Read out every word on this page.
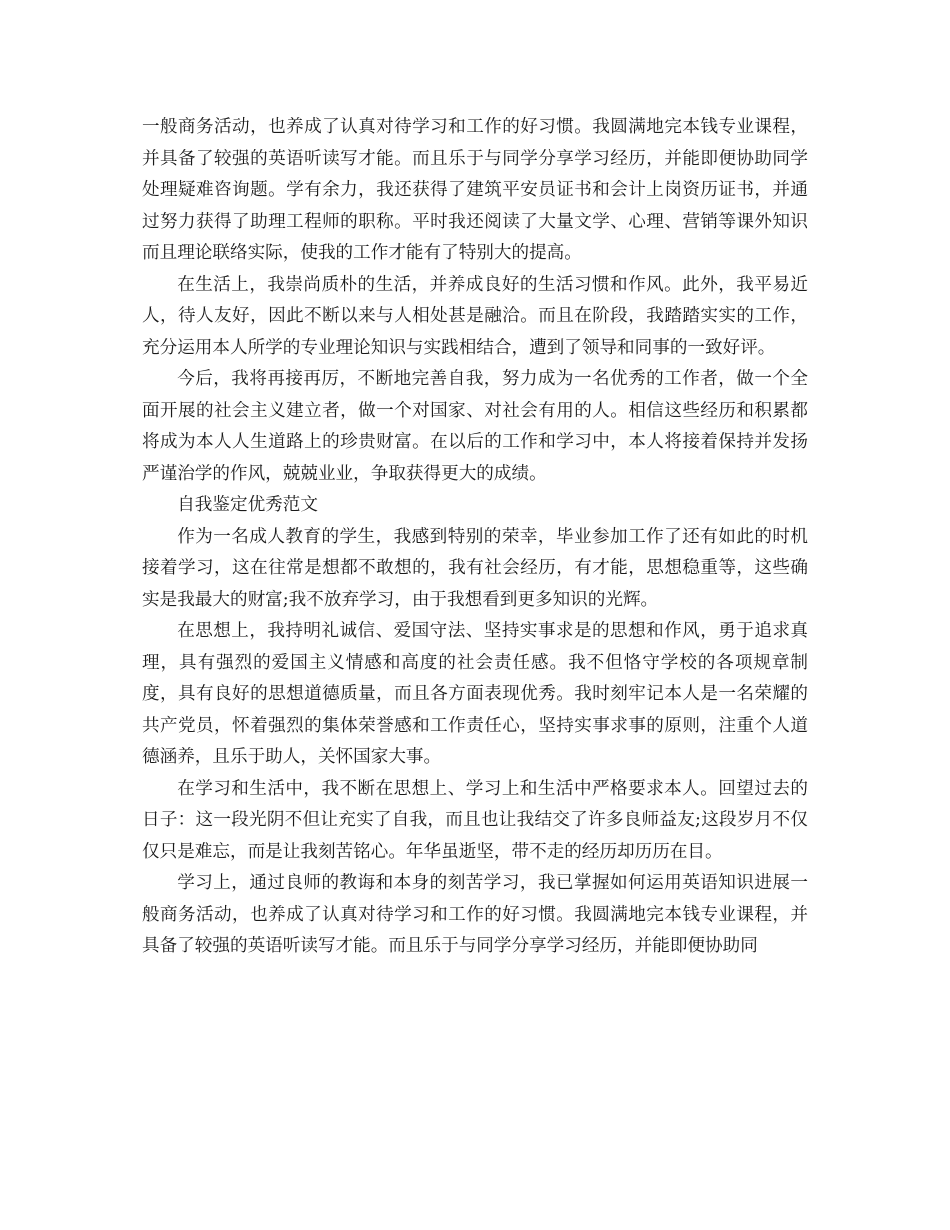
一般商务活动，也养成了认真对待学习和工作的好习惯。我圆满地完本钱专业课程，并具备了较强的英语听读写才能。而且乐于与同学分享学习经历，并能即便协助同学处理疑难咨询题。学有余力，我还获得了建筑平安员证书和会计上岗资历证书，并通过努力获得了助理工程师的职称。平时我还阅读了大量文学、心理、营销等课外知识而且理论联络实际，使我的工作才能有了特别大的提高。

在生活上，我崇尚质朴的生活，并养成良好的生活习惯和作风。此外，我平易近人，待人友好，因此不断以来与人相处甚是融洽。而且在阶段，我踏踏实实的工作，充分运用本人所学的专业理论知识与实践相结合，遭到了领导和同事的一致好评。

今后，我将再接再厉，不断地完善自我，努力成为一名优秀的工作者，做一个全面开展的社会主义建立者，做一个对国家、对社会有用的人。相信这些经历和积累都将成为本人人生道路上的珍贵财富。在以后的工作和学习中，本人将接着保持并发扬严谨治学的作风，兢兢业业，争取获得更大的成绩。

自我鉴定优秀范文

作为一名成人教育的学生，我感到特别的荣幸，毕业参加工作了还有如此的时机接着学习，这在往常是想都不敢想的，我有社会经历，有才能，思想稳重等，这些确实是我最大的财富;我不放弃学习，由于我想看到更多知识的光辉。

在思想上，我持明礼诚信、爱国守法、坚持实事求是的思想和作风，勇于追求真理，具有强烈的爱国主义情感和高度的社会责任感。我不但恪守学校的各项规章制度，具有良好的思想道德质量，而且各方面表现优秀。我时刻牢记本人是一名荣耀的共产党员，怀着强烈的集体荣誉感和工作责任心，坚持实事求事的原则，注重个人道德涵养，且乐于助人，关怀国家大事。

在学习和生活中，我不断在思想上、学习上和生活中严格要求本人。回望过去的日子：这一段光阴不但让充实了自我，而且也让我结交了许多良师益友;这段岁月不仅仅只是难忘，而是让我刻苦铭心。年华虽逝坚，带不走的经历却历历在目。

学习上，通过良师的教诲和本身的刻苦学习，我已掌握如何运用英语知识进展一般商务活动，也养成了认真对待学习和工作的好习惯。我圆满地完本钱专业课程，并具备了较强的英语听读写才能。而且乐于与同学分享学习经历，并能即便协助同
